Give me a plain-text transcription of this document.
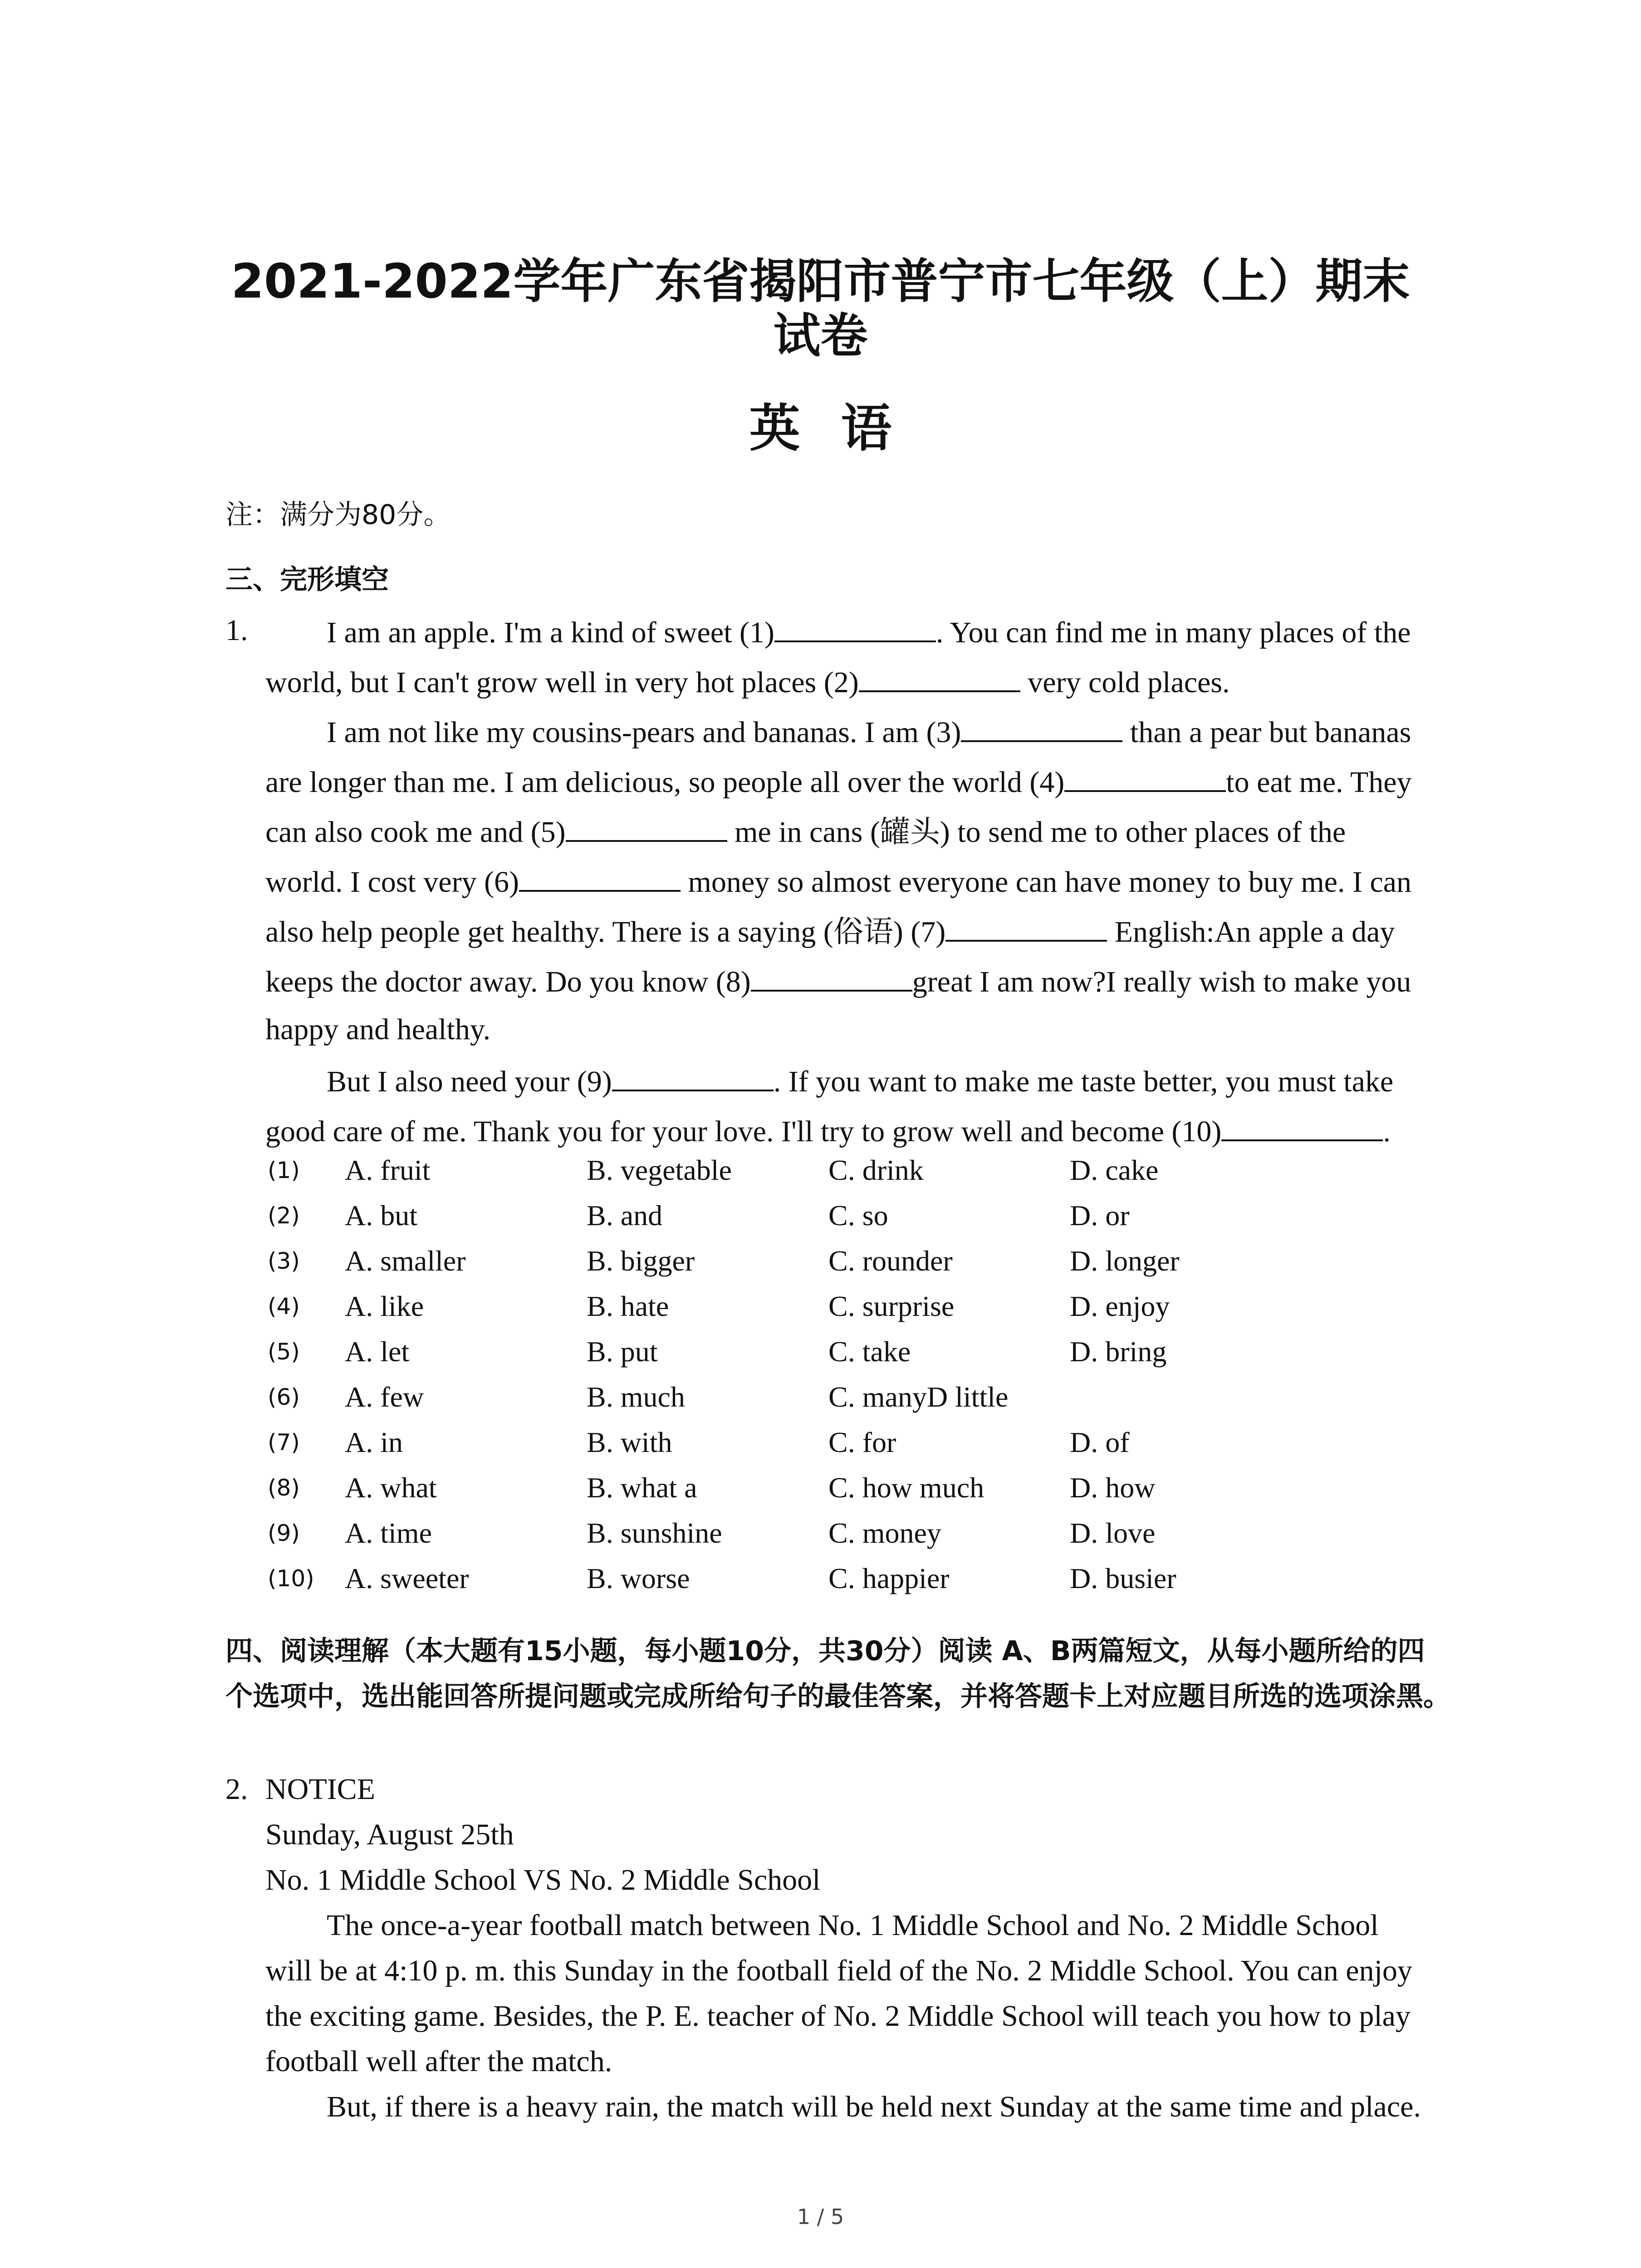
2021-2022学年广东省揭阳市普宁市七年级（上）期末
试卷
英语
注：满分为80分。
三、完形填空
1.	I am an apple. I'm a kind of sweet (1)	. You can find me in many places of the
world, but I can't grow well in very hot places (2)	very cold places.
I am not like my cousins-pears and bananas. I am (3)	than a pear but bananas
are longer than me. I am delicious, so people all over the world (4)	to eat me. They
can also cook me and (5)	me in cans (罐头) to send me to other places of the
world. I cost very (6)	money so almost everyone can have money to buy me. I can
also help people get healthy. There is a saying (俗语) (7)	English:An apple a day
keeps the doctor away. Do you know (8)	great I am now?I really wish to make you
happy and healthy.
But I also need your (9)	. If you want to make me taste better, you must take
good care of me. Thank you for your love. I'll try to grow well and become (10)	.
(1) A. fruit	B. vegetable	C. drink	D. cake
(2) A. but	B. and	C. so	D. or
(3) A. smaller	B. bigger	C. rounder	D. longer
(4) A. like	B. hate	C. surprise	D. enjoy
(5) A. let	B. put	C. take	D. bring
(6) A. few	B. much	C. manyD little
(7) A. in	B. with	C. for	D. of
(8) A. what	B. what a	C. how much	D. how
(9) A. time	B. sunshine	C. money	D. love
(10) A. sweeter	B. worse	C. happier	D. busier
四、阅读理解（本大题有15小题，每小题10分，共30分）阅读 A、B两篇短文，从每小题所给的四个选项中，选出能回答所提问题或完成所给句子的最佳答案，并将答题卡上对应题目所选的选项涂黑。
2. NOTICE
Sunday, August 25th
No. 1 Middle School VS No. 2 Middle School
The once-a-year football match between No. 1 Middle School and No. 2 Middle School
will be at 4:10 p. m. this Sunday in the football field of the No. 2 Middle School. You can enjoy
the exciting game. Besides, the P. E. teacher of No. 2 Middle School will teach you how to play
football well after the match.
But, if there is a heavy rain, the match will be held next Sunday at the same time and place.
1 / 5
